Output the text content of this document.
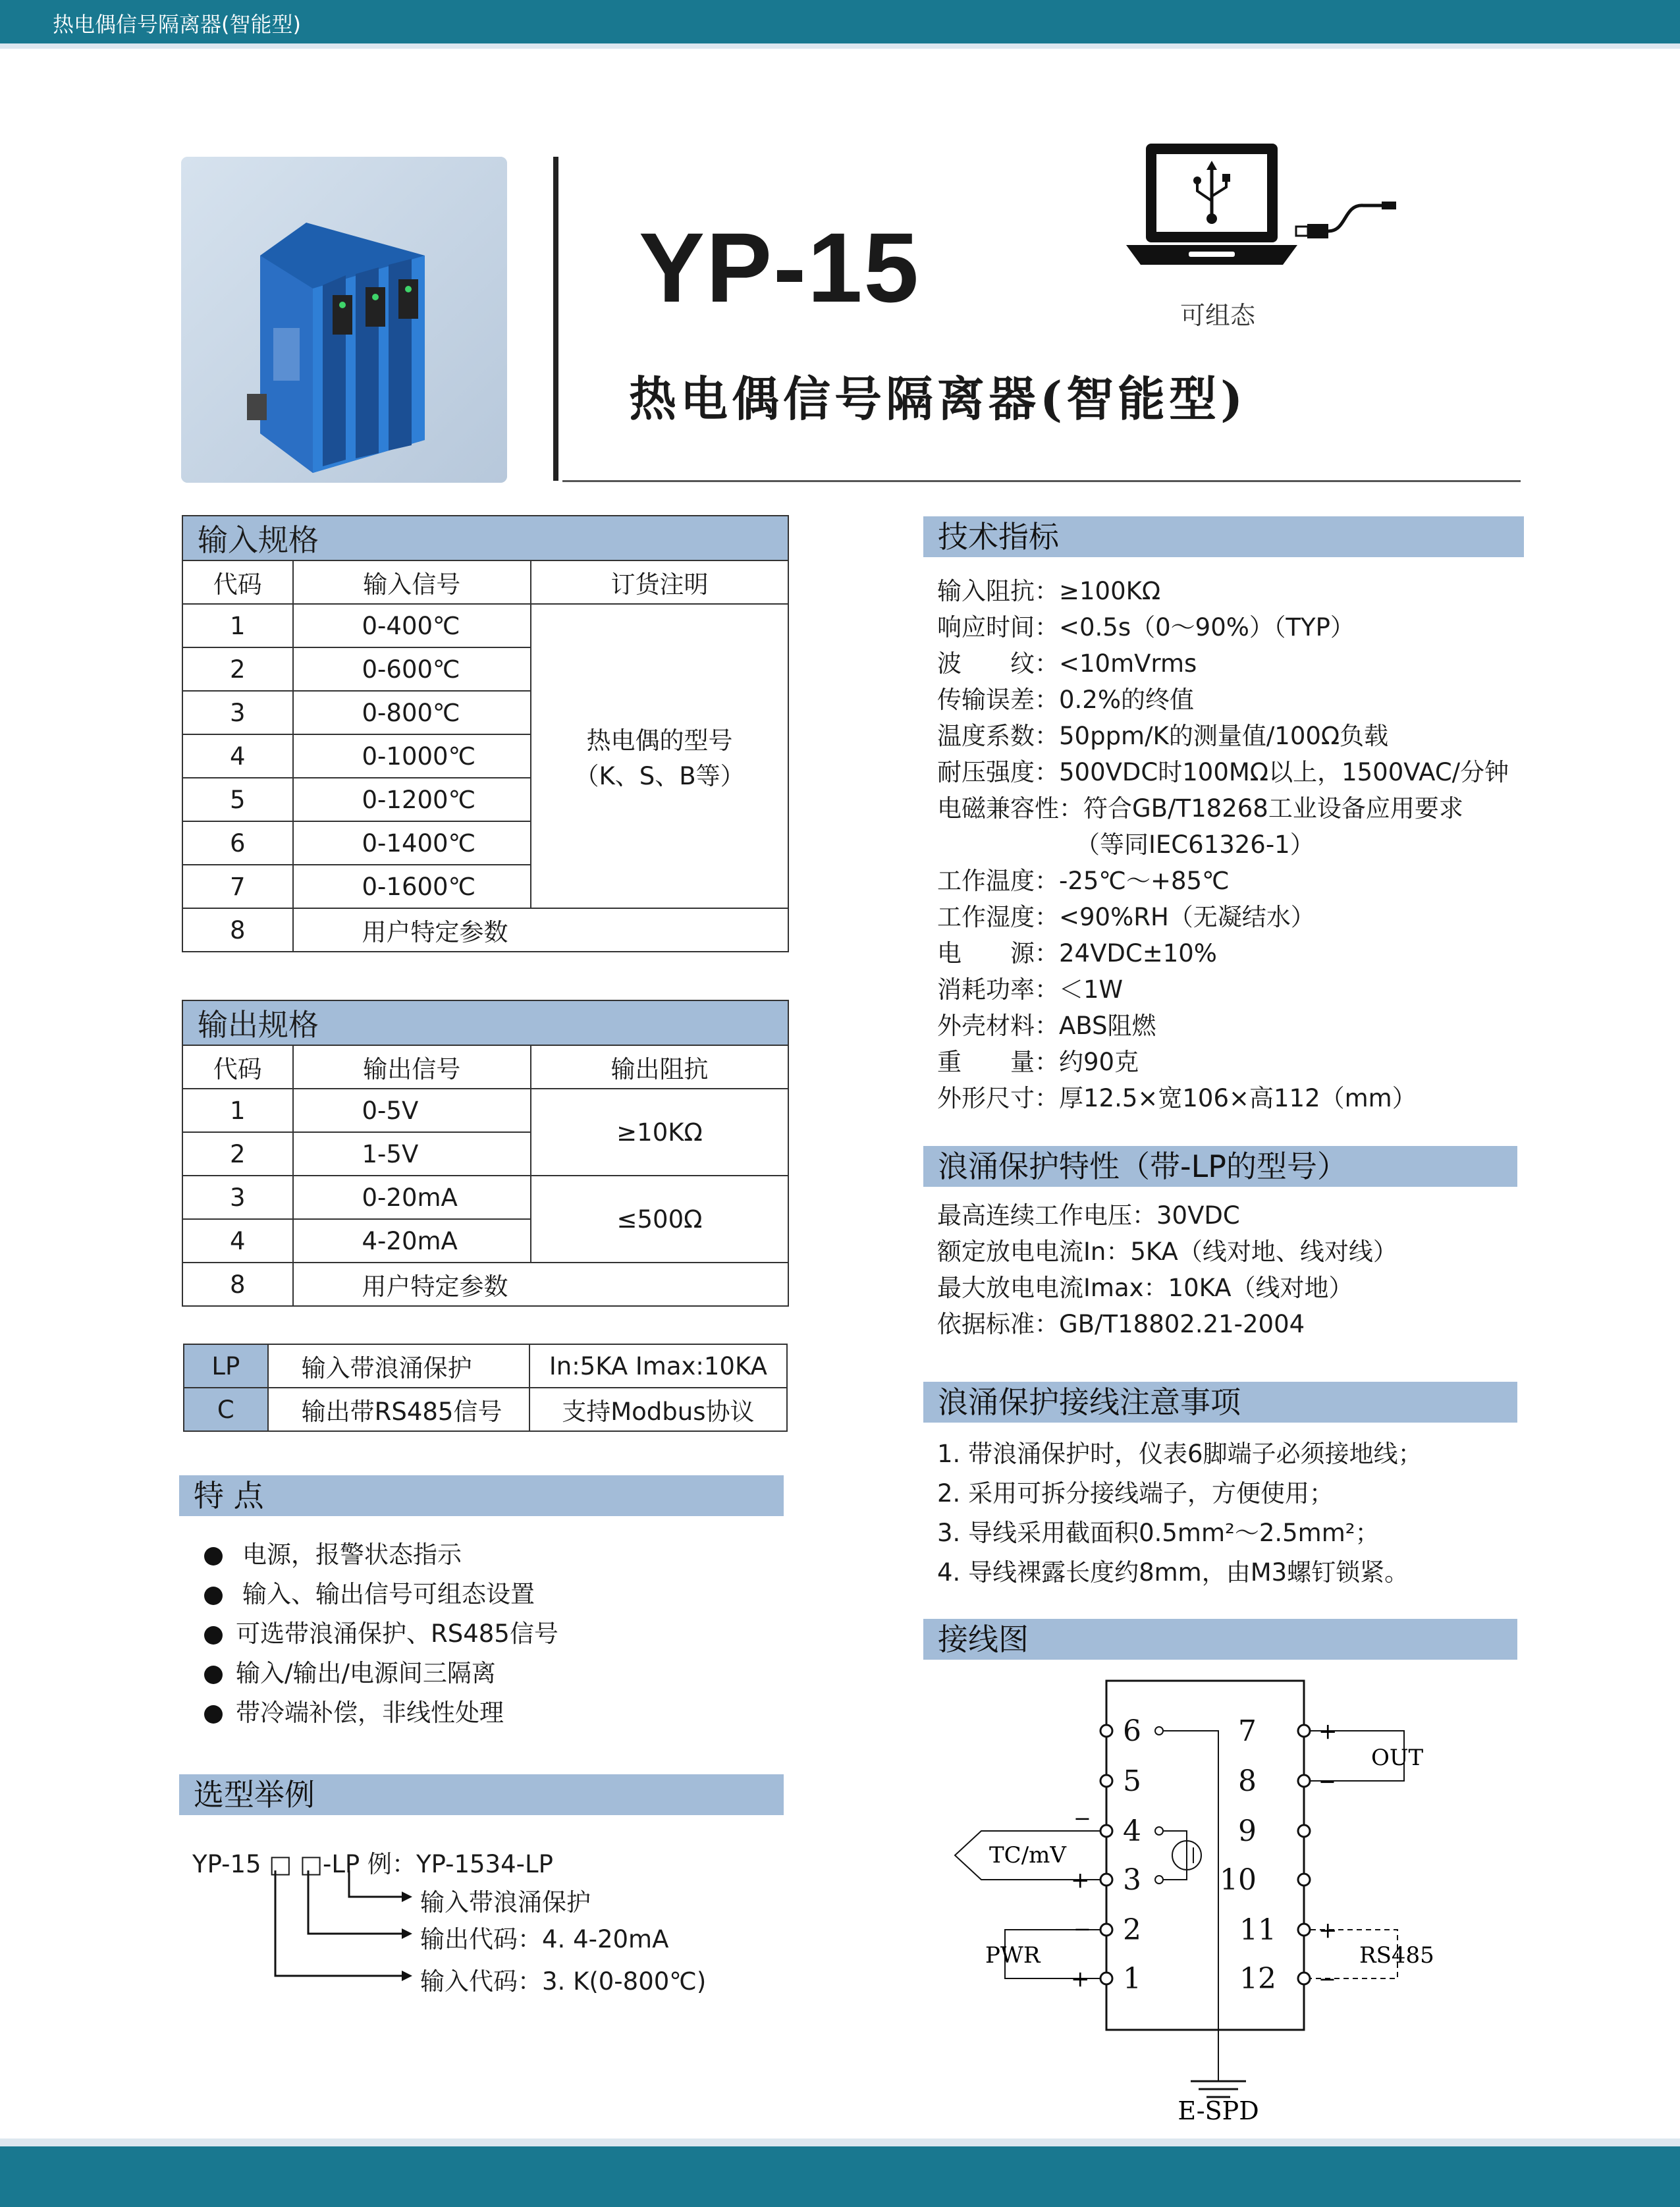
热电偶信号隔离器(智能型)
YP-15
热电偶信号隔离器(智能型)
可组态
输入规格		
代码	输入信号	订货注明
1	0-400℃	热电偶的型号
（K、S、B等）

2	0-600℃	
3	0-800℃	
4	0-1000℃	
5	0-1200℃	
6	0-1400℃	
7	0-1600℃	
8	用户特定参数	
输出规格		
代码	输出信号	输出阻抗
1	0-5V	≥10KΩ
2	1-5V	
3	0-20mA	≤500Ω
4	4-20mA	
8	用户特定参数	
LP	输入带浪涌保护	In:5KA Imax:10KA
C	输出带RS485信号	支持Modbus协议
特 点
电源，报警状态指示
输入、输出信号可组态设置
可选带浪涌保护、RS485信号
输入/输出/电源间三隔离
带冷端补偿，非线性处理
选型举例
YP-15 □ □-LP 例：YP-1534-LP
输入带浪涌保护
输出代码：4. 4-20mA
输入代码：3. K(0-800℃)
技术指标
输入阻抗：≥100KΩ
响应时间：<0.5s（0～90%）（TYP）
波　　纹：<10mVrms
传输误差：0.2%的终值
温度系数：50ppm/K的测量值/100Ω负载
耐压强度：500VDC时100MΩ以上，1500VAC/分钟
电磁兼容性：符合GB/T18268工业设备应用要求
（等同IEC61326-1）
工作温度：-25℃～+85℃
工作湿度：<90%RH（无凝结水）
电　　源：24VDC±10%
消耗功率：＜1W
外壳材料：ABS阻燃
重　　量：约90克
外形尺寸：厚12.5×宽106×高112（mm）
浪涌保护特性（带-LP的型号）
最高连续工作电压：30VDC
额定放电电流In：5KA（线对地、线对线）
最大放电电流Imax：10KA（线对地）
依据标准：GB/T18802.21-2004
浪涌保护接线注意事项
1. 带浪涌保护时，仪表6脚端子必须接地线；
2. 采用可拆分接线端子，方便使用；
3. 导线采用截面积0.5mm²～2.5mm²；
4. 导线裸露长度约8mm，由M3螺钉锁紧。
接线图
6
5
4
3
2
1
7
8
9
10
11
12
E-SPD
TC/mV
−
+
−
+
PWR
+
−
OUT
+
−
RS485
